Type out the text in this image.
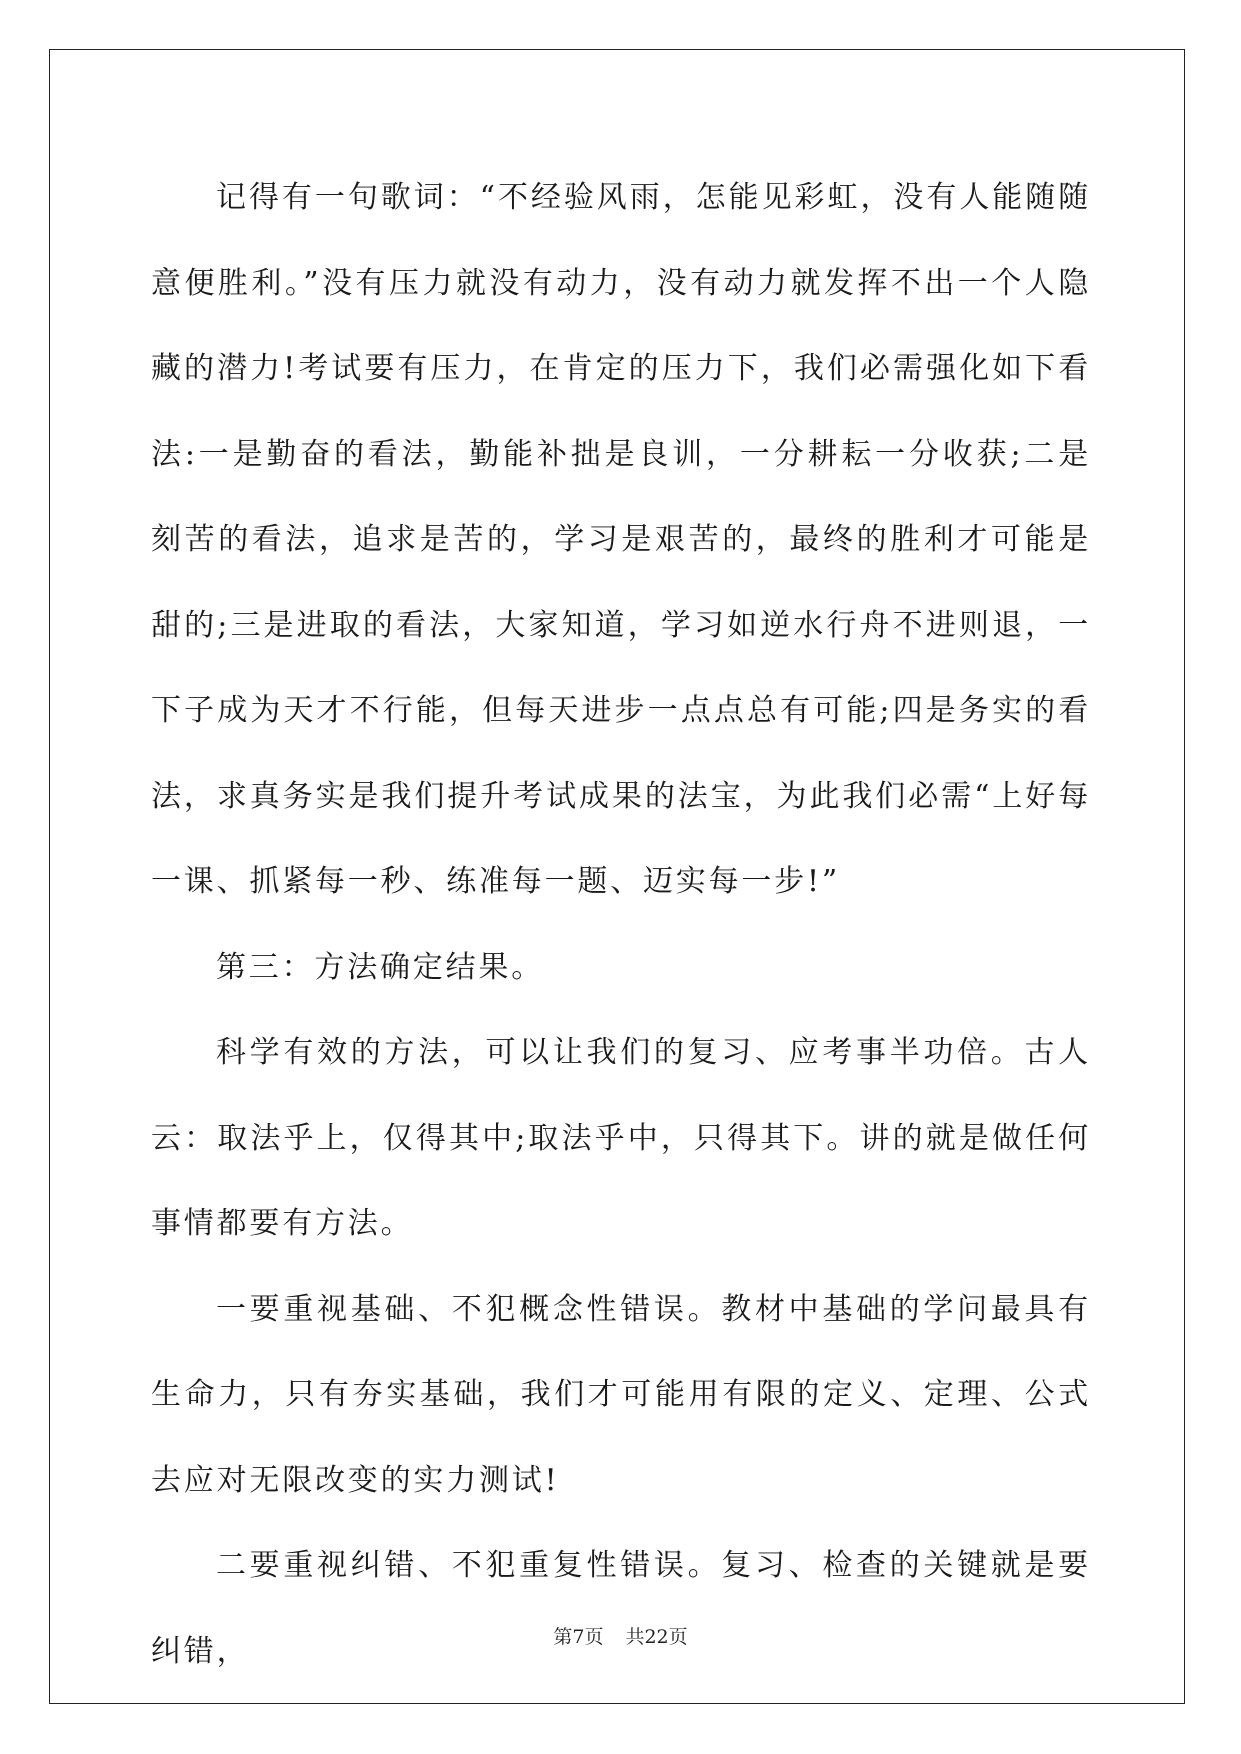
记得有一句歌词：“不经验风雨，怎能见彩虹，没有人能随随意便胜利。”没有压力就没有动力，没有动力就发挥不出一个人隐藏的潜力!考试要有压力，在肯定的压力下，我们必需强化如下看法:一是勤奋的看法，勤能补拙是良训，一分耕耘一分收获;二是刻苦的看法，追求是苦的，学习是艰苦的，最终的胜利才可能是甜的;三是进取的看法，大家知道，学习如逆水行舟不进则退，一下子成为天才不行能，但每天进步一点点总有可能;四是务实的看法，求真务实是我们提升考试成果的法宝，为此我们必需“上好每一课、抓紧每一秒、练准每一题、迈实每一步!”

第三：方法确定结果。

科学有效的方法，可以让我们的复习、应考事半功倍。古人云：取法乎上，仅得其中;取法乎中，只得其下。讲的就是做任何事情都要有方法。

一要重视基础、不犯概念性错误。教材中基础的学问最具有生命力，只有夯实基础，我们才可能用有限的定义、定理、公式去应对无限改变的实力测试!

二要重视纠错、不犯重复性错误。复习、检查的关键就是要纠错，	第7页 共22页
